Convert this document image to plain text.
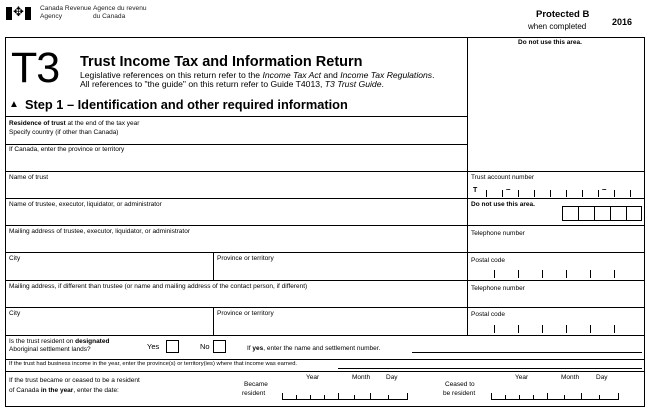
✥ Canada Revenue
Agency
Agence du revenu
du Canada	Protected B
when completed	2016
T3 Trust Income Tax and Information Return
Legislative references on this return refer to the Income Tax Act and Income Tax Regulations.
All references to "the guide" on this return refer to Guide T4013, T3 Trust Guide.
▲ Step 1 – Identification and other required information
Do not use this area.
Residence of trust at the end of the tax year
Specify country (if other than Canada)
If Canada, enter the province or territory
Name of trust	Trust account number
T	–	–
Name of trustee, executor, liquidator, or administrator	Do not use this area.
Mailing address of trustee, executor, liquidator, or administrator	Telephone number
City	Province or territory	Postal code
Mailing address, if different than trustee (or name and mailing address of the contact person, if different)	Telephone number
City	Province or territory	Postal code
Is the trust resident on designated
Aboriginal settlement lands?	Yes	No	If yes, enter the name and settlement number.
If the trust had business income in the year, enter the province(s) or territory(ies) where that income was earned.
If the trust became or ceased to be a resident
of Canada in the year, enter the date:
Became
resident
Year	Month Day
Ceased to
be resident
Year	Month	Day
